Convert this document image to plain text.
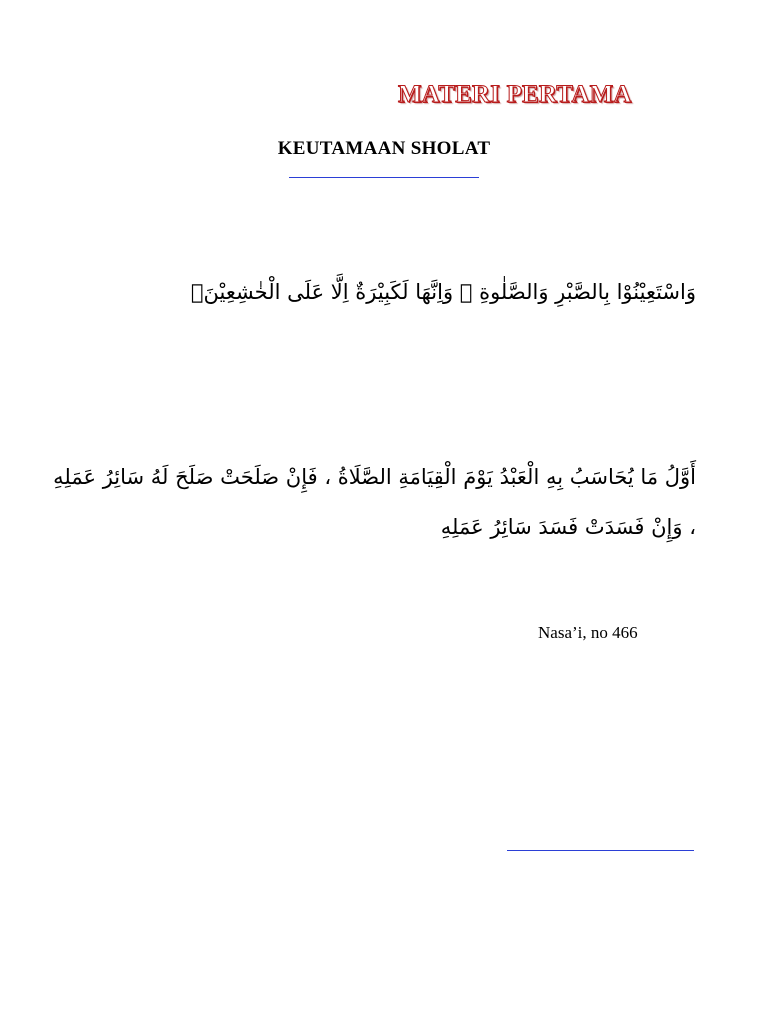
MATERI PERTAMA
KEUTAMAAN SHOLAT
وَاسْتَعِيْنُوْا بِالصَّبْرِ وَالصَّلٰوةِ ۗ وَاِنَّهَا لَكَبِيْرَةٌ اِلَّا عَلَى الْخٰشِعِيْنَۙ
أَوَّلُ مَا يُحَاسَبُ بِهِ الْعَبْدُ يَوْمَ الْقِيَامَةِ الصَّلَاةُ ، فَإِنْ صَلَحَتْ صَلَحَ لَهُ سَائِرُ عَمَلِهِ
، وَإِنْ فَسَدَتْ فَسَدَ سَائِرُ عَمَلِهِ
Nasa’i, no 466
